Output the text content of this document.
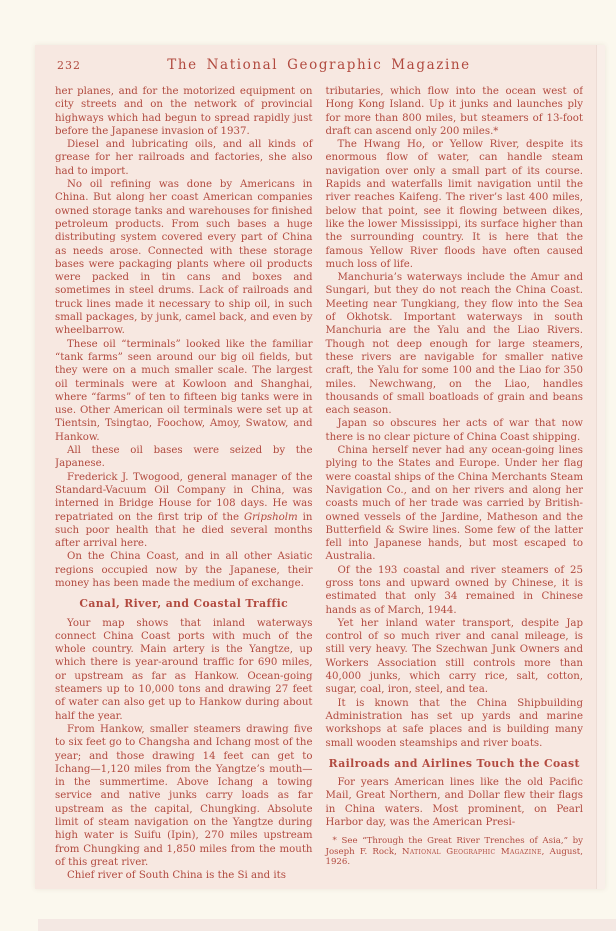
232	The National Geographic Magazine

her planes, and for the motorized equipment on city streets and on the network of provincial highways which had begun to spread rapidly just before the Japanese invasion of 1937.

Diesel and lubricating oils, and all kinds of grease for her railroads and factories, she also had to import.

No oil refining was done by Americans in China. But along her coast American companies owned storage tanks and warehouses for finished petroleum products. From such bases a huge distributing system covered every part of China as needs arose. Connected with these storage bases were packaging plants where oil products were packed in tin cans and boxes and sometimes in steel drums. Lack of railroads and truck lines made it necessary to ship oil, in such small packages, by junk, camel back, and even by wheelbarrow.

These oil “terminals” looked like the familiar “tank farms” seen around our big oil fields, but they were on a much smaller scale. The largest oil terminals were at Kowloon and Shanghai, where “farms” of ten to fifteen big tanks were in use. Other American oil terminals were set up at Tientsin, Tsingtao, Foochow, Amoy, Swatow, and Hankow.

All these oil bases were seized by the Japanese.

Frederick J. Twogood, general manager of the Standard-Vacuum Oil Company in China, was interned in Bridge House for 108 days. He was repatriated on the first trip of the Gripsholm in such poor health that he died several months after arrival here.

On the China Coast, and in all other Asiatic regions occupied now by the Japanese, their money has been made the medium of exchange.

Canal, River, and Coastal Traffic

Your map shows that inland waterways connect China Coast ports with much of the whole country. Main artery is the Yangtze, up which there is year-around traffic for 690 miles, or upstream as far as Hankow. Ocean-going steamers up to 10,000 tons and drawing 27 feet of water can also get up to Hankow during about half the year.

From Hankow, smaller steamers drawing five to six feet go to Changsha and Ichang most of the year; and those drawing 14 feet can get to Ichang—1,120 miles from the Yangtze’s mouth—in the summertime. Above Ichang a towing service and native junks carry loads as far upstream as the capital, Chungking. Absolute limit of steam navigation on the Yangtze during high water is Suifu (Ipin), 270 miles upstream from Chungking and 1,850 miles from the mouth of this great river.

Chief river of South China is the Si and its

tributaries, which flow into the ocean west of Hong Kong Island. Up it junks and launches ply for more than 800 miles, but steamers of 13-foot draft can ascend only 200 miles.*

The Hwang Ho, or Yellow River, despite its enormous flow of water, can handle steam navigation over only a small part of its course. Rapids and waterfalls limit navigation until the river reaches Kaifeng. The river’s last 400 miles, below that point, see it flowing between dikes, like the lower Mississippi, its surface higher than the surrounding country. It is here that the famous Yellow River floods have often caused much loss of life.

Manchuria’s waterways include the Amur and Sungari, but they do not reach the China Coast. Meeting near Tungkiang, they flow into the Sea of Okhotsk. Important waterways in south Manchuria are the Yalu and the Liao Rivers. Though not deep enough for large steamers, these rivers are navigable for smaller native craft, the Yalu for some 100 and the Liao for 350 miles. Newchwang, on the Liao, handles thousands of small boatloads of grain and beans each season.

Japan so obscures her acts of war that now there is no clear picture of China Coast shipping.

China herself never had any ocean-going lines plying to the States and Europe. Under her flag were coastal ships of the China Merchants Steam Navigation Co., and on her rivers and along her coasts much of her trade was carried by British-owned vessels of the Jardine, Matheson and the Butterfield & Swire lines. Some few of the latter fell into Japanese hands, but most escaped to Australia.

Of the 193 coastal and river steamers of 25 gross tons and upward owned by Chinese, it is estimated that only 34 remained in Chinese hands as of March, 1944.

Yet her inland water transport, despite Jap control of so much river and canal mileage, is still very heavy. The Szechwan Junk Owners and Workers Association still controls more than 40,000 junks, which carry rice, salt, cotton, sugar, coal, iron, steel, and tea.

It is known that the China Shipbuilding Administration has set up yards and marine workshops at safe places and is building many small wooden steamships and river boats.

Railroads and Airlines Touch the Coast

For years American lines like the old Pacific Mail, Great Northern, and Dollar flew their flags in China waters. Most prominent, on Pearl Harbor day, was the American Presi-

* See “Through the Great River Trenches of Asia,” by Joseph F. Rock, National Geographic Magazine, August, 1926.
